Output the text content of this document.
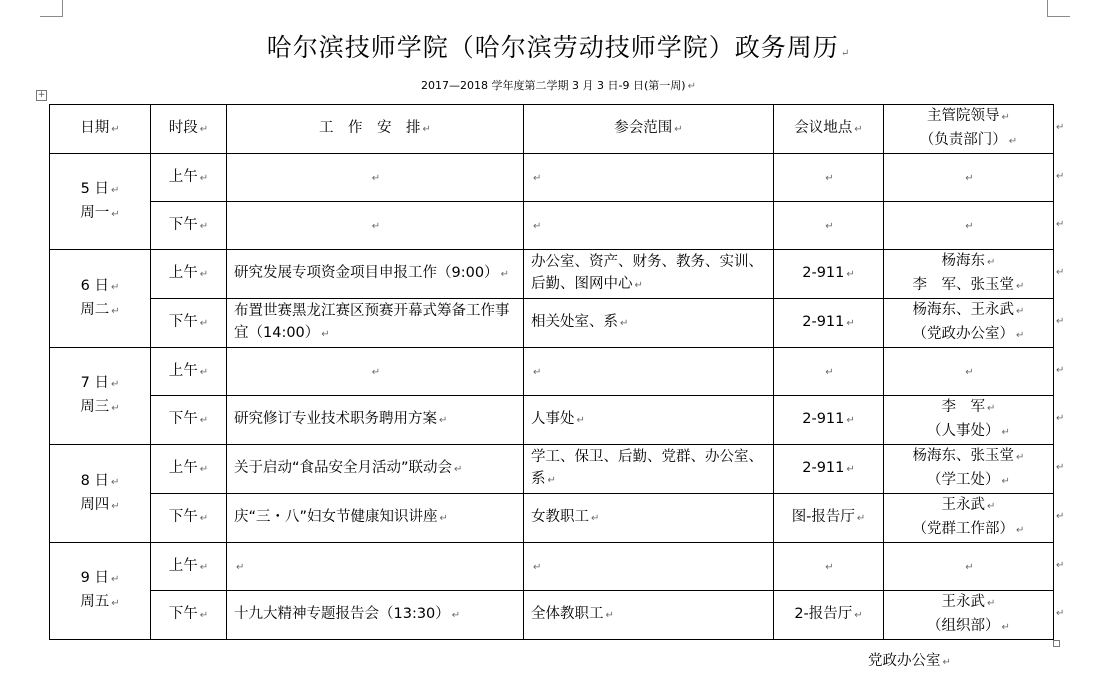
哈尔滨技师学院（哈尔滨劳动技师学院）政务周历 ↵
2017—2018 学年度第二学期 3 月 3 日-9 日(第一周) ↵
+
日期 ↵	时段 ↵	工　作　安　排 ↵	参会范围 ↵	会议地点 ↵	主管院领导 ↵
（负责部门） ↵
5 日 ↵
周一 ↵	上午 ↵	↵	↵	↵	↵
	下午 ↵	↵	↵	↵	↵
6 日 ↵
周二 ↵	上午 ↵	研究发展专项资金项目申报工作（9:00） ↵	办公室、资产、财务、教务、实训、后勤、图网中心 ↵	2-911 ↵	杨海东 ↵
李　军、张玉堂 ↵
	下午 ↵	布置世赛黑龙江赛区预赛开幕式筹备工作事宜（14:00） ↵	相关处室、系 ↵	2-911 ↵	杨海东、王永武 ↵
（党政办公室） ↵
7 日 ↵
周三 ↵	上午 ↵	↵	↵	↵	↵
	下午 ↵	研究修订专业技术职务聘用方案 ↵	人事处 ↵	2-911 ↵	李　军 ↵
（人事处） ↵
8 日 ↵
周四 ↵	上午 ↵	关于启动“食品安全月活动”联动会 ↵	学工、保卫、后勤、党群、办公室、系 ↵	2-911 ↵	杨海东、张玉堂 ↵
（学工处） ↵
	下午 ↵	庆“三・八”妇女节健康知识讲座 ↵	女教职工 ↵	图-报告厅 ↵	王永武 ↵
（党群工作部） ↵
9 日 ↵
周五 ↵	上午 ↵	↵	↵	↵	↵
	下午 ↵	十九大精神专题报告会（13:30） ↵	全体教职工 ↵	2-报告厅 ↵	王永武 ↵
（组织部） ↵
党政办公室 ↵
↵
↵
↵
↵
↵
↵
↵
↵
↵
↵
↵
